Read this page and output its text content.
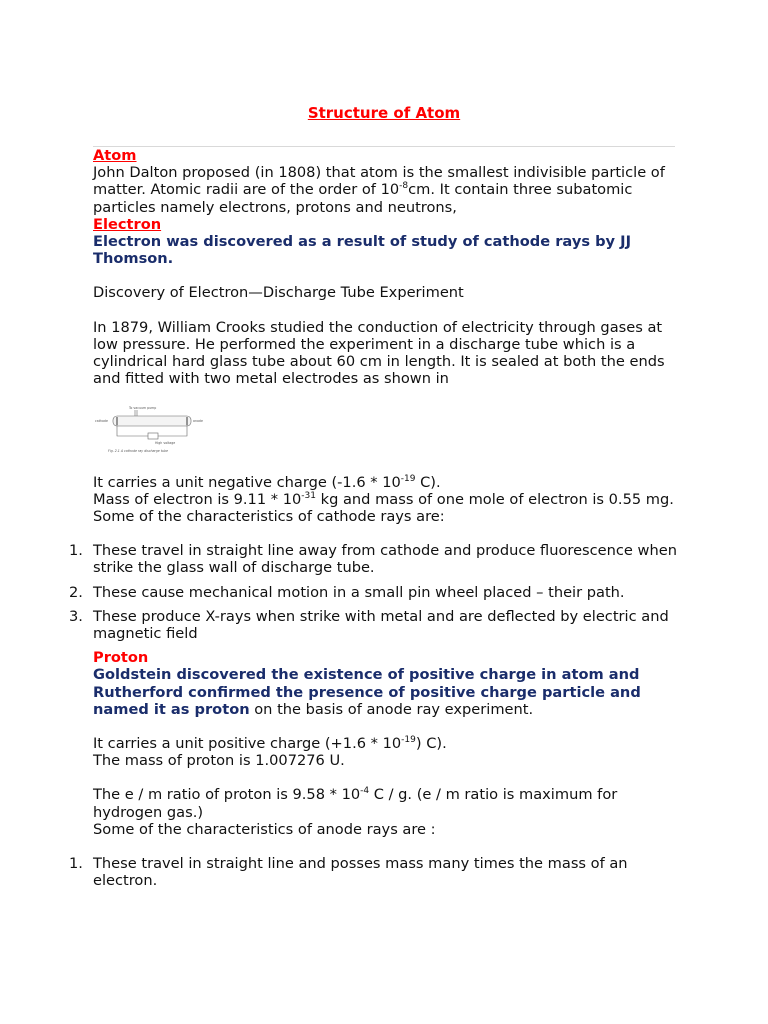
Structure of Atom

Atom

John Dalton proposed (in 1808) that atom is the smallest indivisible particle of matter. Atomic radii are of the order of $10^{-8}cm$. It contain three subatomic particles namely electrons, protons and neutrons,

Electron

Electron was discovered as a result of study of cathode rays by JJ Thomson.

Discovery of Electron—Discharge Tube Experiment

In 1879, William Crooks studied the conduction of electricity through gases at low pressure. He performed the experiment in a discharge tube which is a cylindrical hard glass tube about 60 cm in length. It is sealed at both the ends and fitted with two metal electrodes as shown in

To vacuum pump
cathode	anode
High voltage
Fig. 2.1 A cathode ray discharge tube

It carries a unit negative charge ($-1.6 * 10^{-19}$ C).

Mass of electron is $9.11 * 10^{-31}$ kg and mass of one mole of electron is 0.55 mg.

Some of the characteristics of cathode rays are:

1. These travel in straight line away from cathode and produce fluorescence when strike the glass wall of discharge tube.
2. These cause mechanical motion in a small pin wheel placed – their path.
3. These produce X-rays when strike with metal and are deflected by electric and magnetic field

Proton

Goldstein discovered the existence of positive charge in atom and Rutherford confirmed the presence of positive charge particle and named it as proton on the basis of anode ray experiment.

It carries a unit positive charge $(+1.6 * 10^{-19})$ C).

The mass of proton is 1.007276 U.

The e / m ratio of proton is $9.58 * 10^{-4}$ C / g. (e / m ratio is maximum for hydrogen gas.)

Some of the characteristics of anode rays are :

1. These travel in straight line and posses mass many times the mass of an electron.
